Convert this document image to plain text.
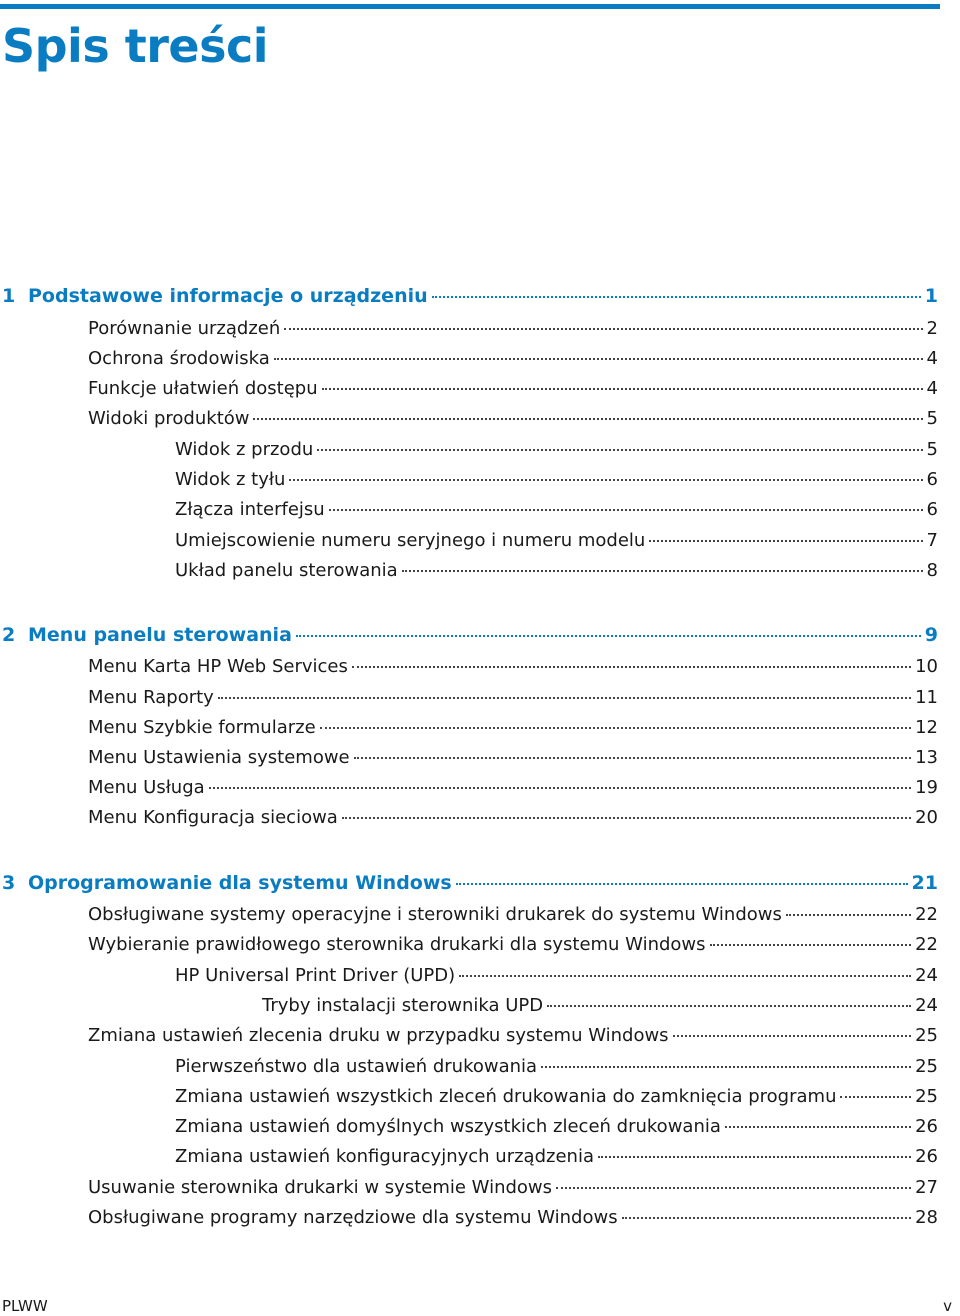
Spis treści
1 Podstawowe informacje o urządzeniu	1
Porównanie urządzeń	2
Ochrona środowiska	4
Funkcje ułatwień dostępu	4
Widoki produktów	5
Widok z przodu	5
Widok z tyłu	6
Złącza interfejsu	6
Umiejscowienie numeru seryjnego i numeru modelu	7
Układ panelu sterowania	8
2 Menu panelu sterowania	9
Menu Karta HP Web Services	10
Menu Raporty	11
Menu Szybkie formularze	12
Menu Ustawienia systemowe	13
Menu Usługa	19
Menu Konfiguracja sieciowa	20
3 Oprogramowanie dla systemu Windows	21
Obsługiwane systemy operacyjne i sterowniki drukarek do systemu Windows	22
Wybieranie prawidłowego sterownika drukarki dla systemu Windows	22
HP Universal Print Driver (UPD)	24
Tryby instalacji sterownika UPD	24
Zmiana ustawień zlecenia druku w przypadku systemu Windows	25
Pierwszeństwo dla ustawień drukowania	25
Zmiana ustawień wszystkich zleceń drukowania do zamknięcia programu	25
Zmiana ustawień domyślnych wszystkich zleceń drukowania	26
Zmiana ustawień konfiguracyjnych urządzenia	26
Usuwanie sterownika drukarki w systemie Windows	27
Obsługiwane programy narzędziowe dla systemu Windows	28
PLWW	v
